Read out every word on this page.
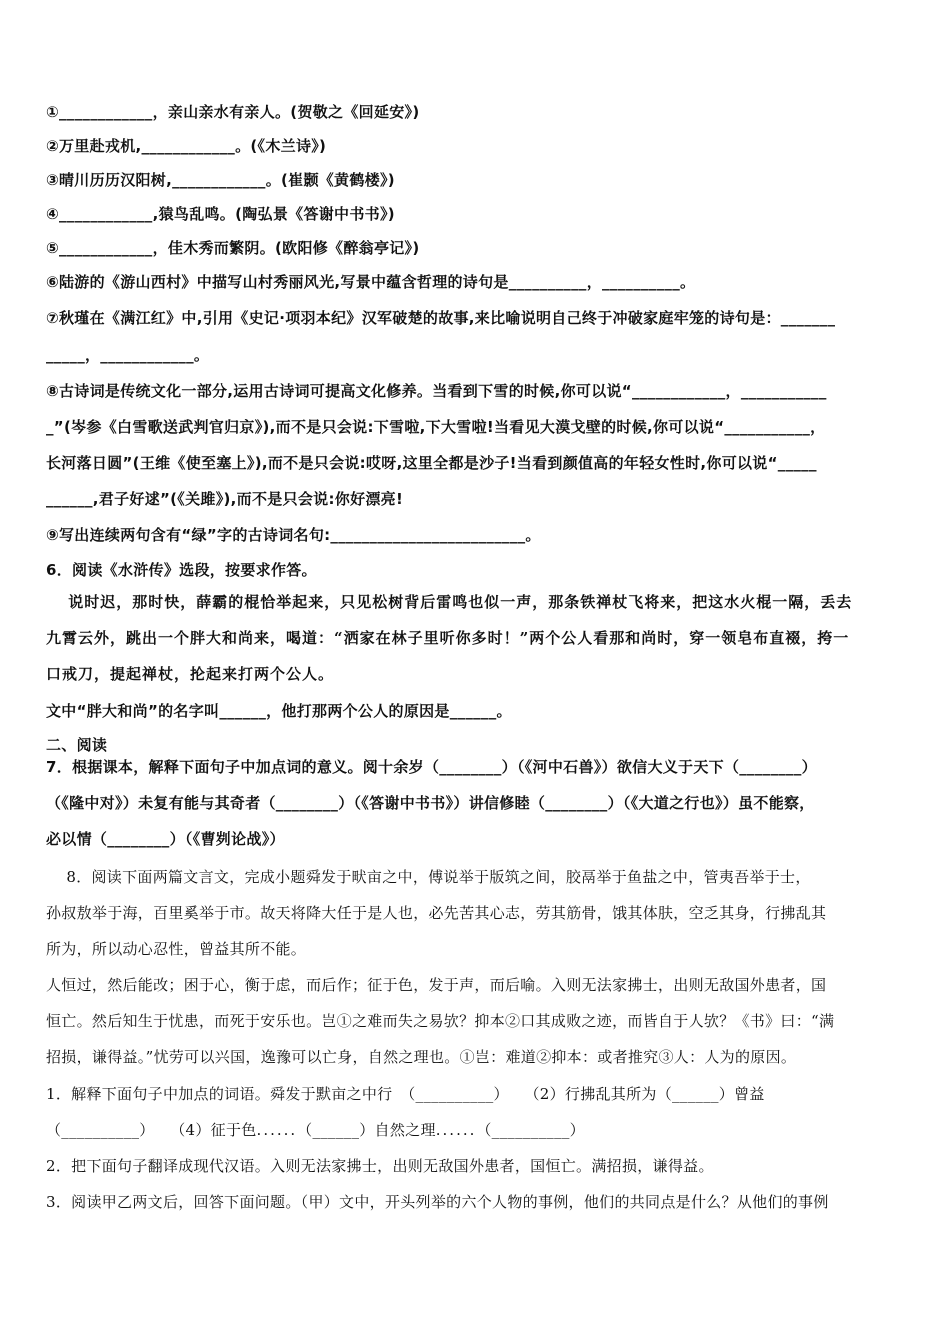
①____________，亲山亲水有亲人。(贺敬之《回延安》)
②万里赴戎机,____________。(《木兰诗》)
③晴川历历汉阳树,____________。(崔颢《黄鹤楼》)
④____________,猿鸟乱鸣。(陶弘景《答谢中书书》)
⑤____________，佳木秀而繁阴。(欧阳修《醉翁亭记》)
⑥陆游的《游山西村》中描写山村秀丽风光,写景中蕴含哲理的诗句是__________，__________。
⑦秋瑾在《满江红》中,引用《史记·项羽本纪》汉军破楚的故事,来比喻说明自己终于冲破家庭牢笼的诗句是：_______
_____，____________。
⑧古诗词是传统文化一部分,运用古诗词可提高文化修养。当看到下雪的时候,你可以说“____________，___________
_”(岑参《白雪歌送武判官归京》),而不是只会说:下雪啦,下大雪啦!当看见大漠戈壁的时候,你可以说“___________，
长河落日圆”(王维《使至塞上》),而不是只会说:哎呀,这里全都是沙子!当看到颜值高的年轻女性时,你可以说“_____
______,君子好逑”(《关雎》),而不是只会说:你好漂亮!
⑨写出连续两句含有“绿”字的古诗词名句:_________________________。
6．阅读《水浒传》选段，按要求作答。
　 说时迟，那时快，薛霸的棍恰举起来，只见松树背后雷鸣也似一声，那条铁禅杖飞将来，把这水火棍一隔，丢去
九霄云外，跳出一个胖大和尚来，喝道：“洒家在林子里听你多时！”两个公人看那和尚时，穿一领皂布直裰，挎一
口戒刀，提起禅杖，抡起来打两个公人。
文中“胖大和尚”的名字叫______，他打那两个公人的原因是______。
二、阅读
7．根据课本，解释下面句子中加点词的意义。阅十余岁（________）（《河中石兽》）欲信大义于天下（________）
（《隆中对》）未复有能与其奇者（________）（《答谢中书书》）讲信修睦（________）（《大道之行也》）虽不能察，
必以情（________）（《曹刿论战》）
　 8．阅读下面两篇文言文，完成小题舜发于畎亩之中，傅说举于版筑之间，胶鬲举于鱼盐之中，管夷吾举于士，
孙叔敖举于海，百里奚举于市。故天将降大任于是人也，必先苦其心志，劳其筋骨，饿其体肤，空乏其身，行拂乱其
所为，所以动心忍性，曾益其所不能。
人恒过，然后能改；困于心，衡于虑，而后作；征于色，发于声，而后喻。入则无法家拂士，出则无敌国外患者，国
恒亡。然后知生于忧患，而死于安乐也。岂①之难而失之易欤？抑本②口其成败之迹，而皆自于人欤？《书》曰：“满
招损，谦得益。”忧劳可以兴国，逸豫可以亡身，自然之理也。①岂：难道②抑本：或者推究③人：人为的原因。
1．解释下面句子中加点的词语。舜发于默亩之中行　（__________）　　（2）行拂乱其所为（______）曾益
（__________）　　（4）征于色......（______）自然之理......（__________）
2．把下面句子翻译成现代汉语。入则无法家拂士，出则无敌国外患者，国恒亡。满招损，谦得益。
3．阅读甲乙两文后，回答下面问题。（甲）文中，开头列举的六个人物的事例，他们的共同点是什么？从他们的事例
